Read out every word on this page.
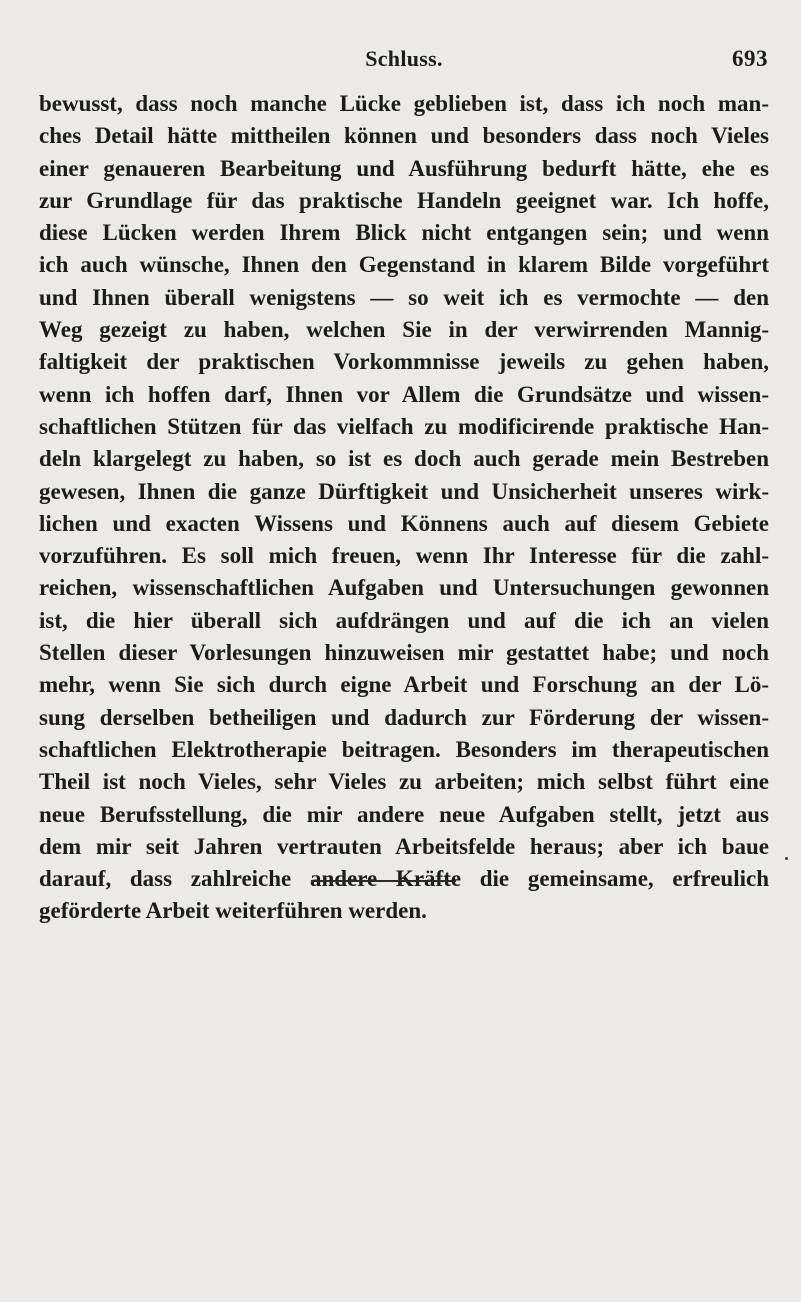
Schluss.	693
bewusst, dass noch manche Lücke geblieben ist, dass ich noch man-
ches Detail hätte mittheilen können und besonders dass noch Vieles
einer genaueren Bearbeitung und Ausführung bedurft hätte, ehe es
zur Grundlage für das praktische Handeln geeignet war. Ich hoffe,
diese Lücken werden Ihrem Blick nicht entgangen sein; und wenn
ich auch wünsche, Ihnen den Gegenstand in klarem Bilde vorgeführt
und Ihnen überall wenigstens — so weit ich es vermochte — den
Weg gezeigt zu haben, welchen Sie in der verwirrenden Mannig-
faltigkeit der praktischen Vorkommnisse jeweils zu gehen haben,
wenn ich hoffen darf, Ihnen vor Allem die Grundsätze und wissen-
schaftlichen Stützen für das vielfach zu modificirende praktische Han-
deln klargelegt zu haben, so ist es doch auch gerade mein Bestreben
gewesen, Ihnen die ganze Dürftigkeit und Unsicherheit unseres wirk-
lichen und exacten Wissens und Könnens auch auf diesem Gebiete
vorzuführen. Es soll mich freuen, wenn Ihr Interesse für die zahl-
reichen, wissenschaftlichen Aufgaben und Untersuchungen gewonnen
ist, die hier überall sich aufdrängen und auf die ich an vielen
Stellen dieser Vorlesungen hinzuweisen mir gestattet habe; und noch
mehr, wenn Sie sich durch eigne Arbeit und Forschung an der Lö-
sung derselben betheiligen und dadurch zur Förderung der wissen-
schaftlichen Elektrotherapie beitragen. Besonders im therapeutischen
Theil ist noch Vieles, sehr Vieles zu arbeiten; mich selbst führt eine
neue Berufsstellung, die mir andere neue Aufgaben stellt, jetzt aus
dem mir seit Jahren vertrauten Arbeitsfelde heraus; aber ich baue
darauf, dass zahlreiche andere Kräfte die gemeinsame, erfreulich
geförderte Arbeit weiterführen werden.
